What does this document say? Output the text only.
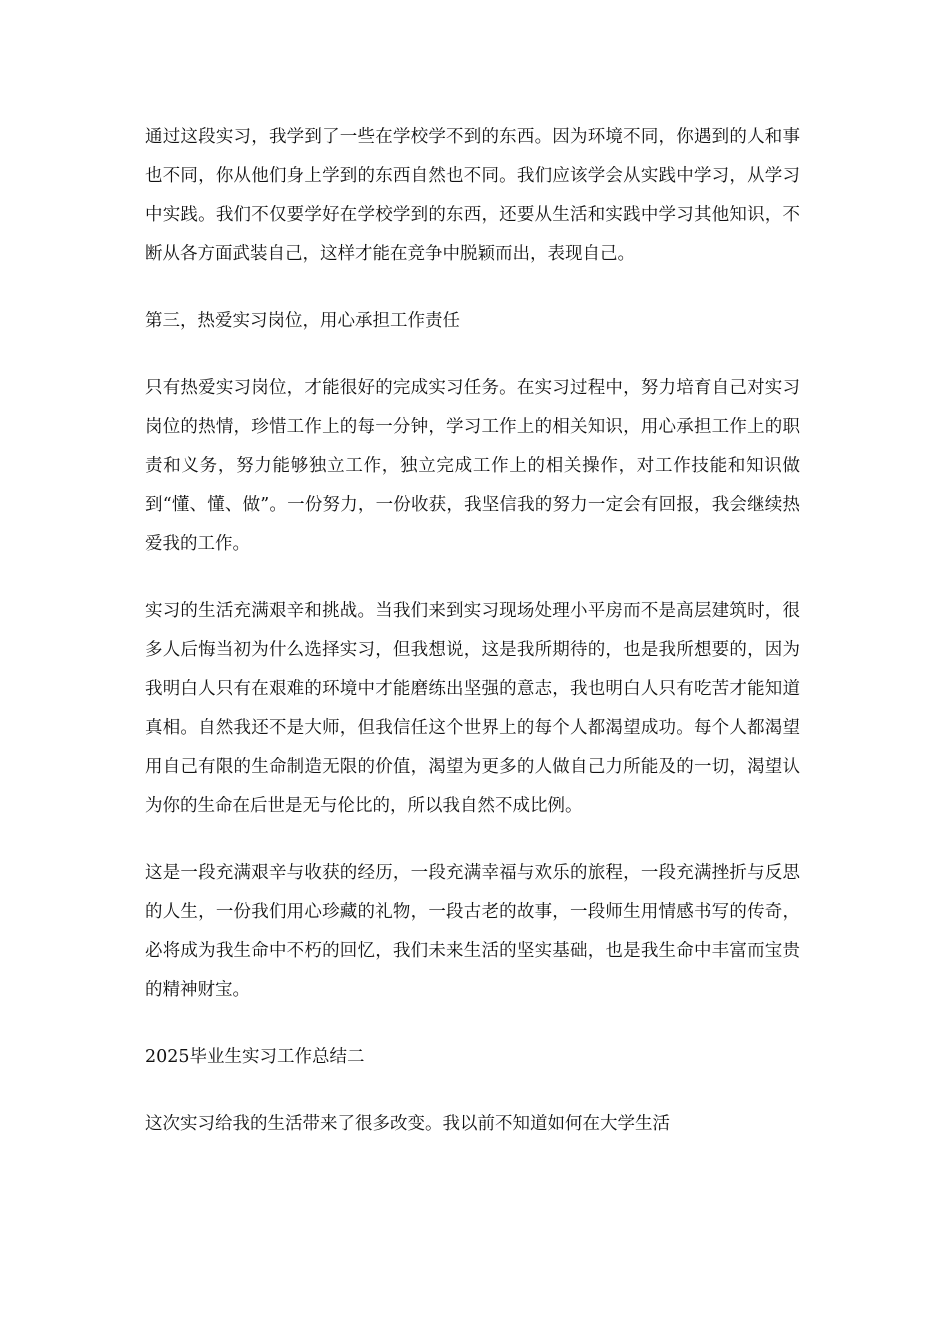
通过这段实习，我学到了一些在学校学不到的东西。因为环境不同，你遇到的人和事也不同，你从他们身上学到的东西自然也不同。我们应该学会从实践中学习，从学习中实践。我们不仅要学好在学校学到的东西，还要从生活和实践中学习其他知识，不断从各方面武装自己，这样才能在竞争中脱颖而出，表现自己。

第三，热爱实习岗位，用心承担工作责任

只有热爱实习岗位，才能很好的完成实习任务。在实习过程中，努力培育自己对实习岗位的热情，珍惜工作上的每一分钟，学习工作上的相关知识，用心承担工作上的职责和义务，努力能够独立工作，独立完成工作上的相关操作，对工作技能和知识做到“懂、懂、做”。一份努力，一份收获，我坚信我的努力一定会有回报，我会继续热爱我的工作。

实习的生活充满艰辛和挑战。当我们来到实习现场处理小平房而不是高层建筑时，很多人后悔当初为什么选择实习，但我想说，这是我所期待的，也是我所想要的，因为我明白人只有在艰难的环境中才能磨练出坚强的意志，我也明白人只有吃苦才能知道真相。自然我还不是大师，但我信任这个世界上的每个人都渴望成功。每个人都渴望用自己有限的生命制造无限的价值，渴望为更多的人做自己力所能及的一切，渴望认为你的生命在后世是无与伦比的，所以我自然不成比例。

这是一段充满艰辛与收获的经历，一段充满幸福与欢乐的旅程，一段充满挫折与反思的人生，一份我们用心珍藏的礼物，一段古老的故事，一段师生用情感书写的传奇，必将成为我生命中不朽的回忆，我们未来生活的坚实基础，也是我生命中丰富而宝贵的精神财宝。

2025毕业生实习工作总结二

这次实习给我的生活带来了很多改变。我以前不知道如何在大学生活
